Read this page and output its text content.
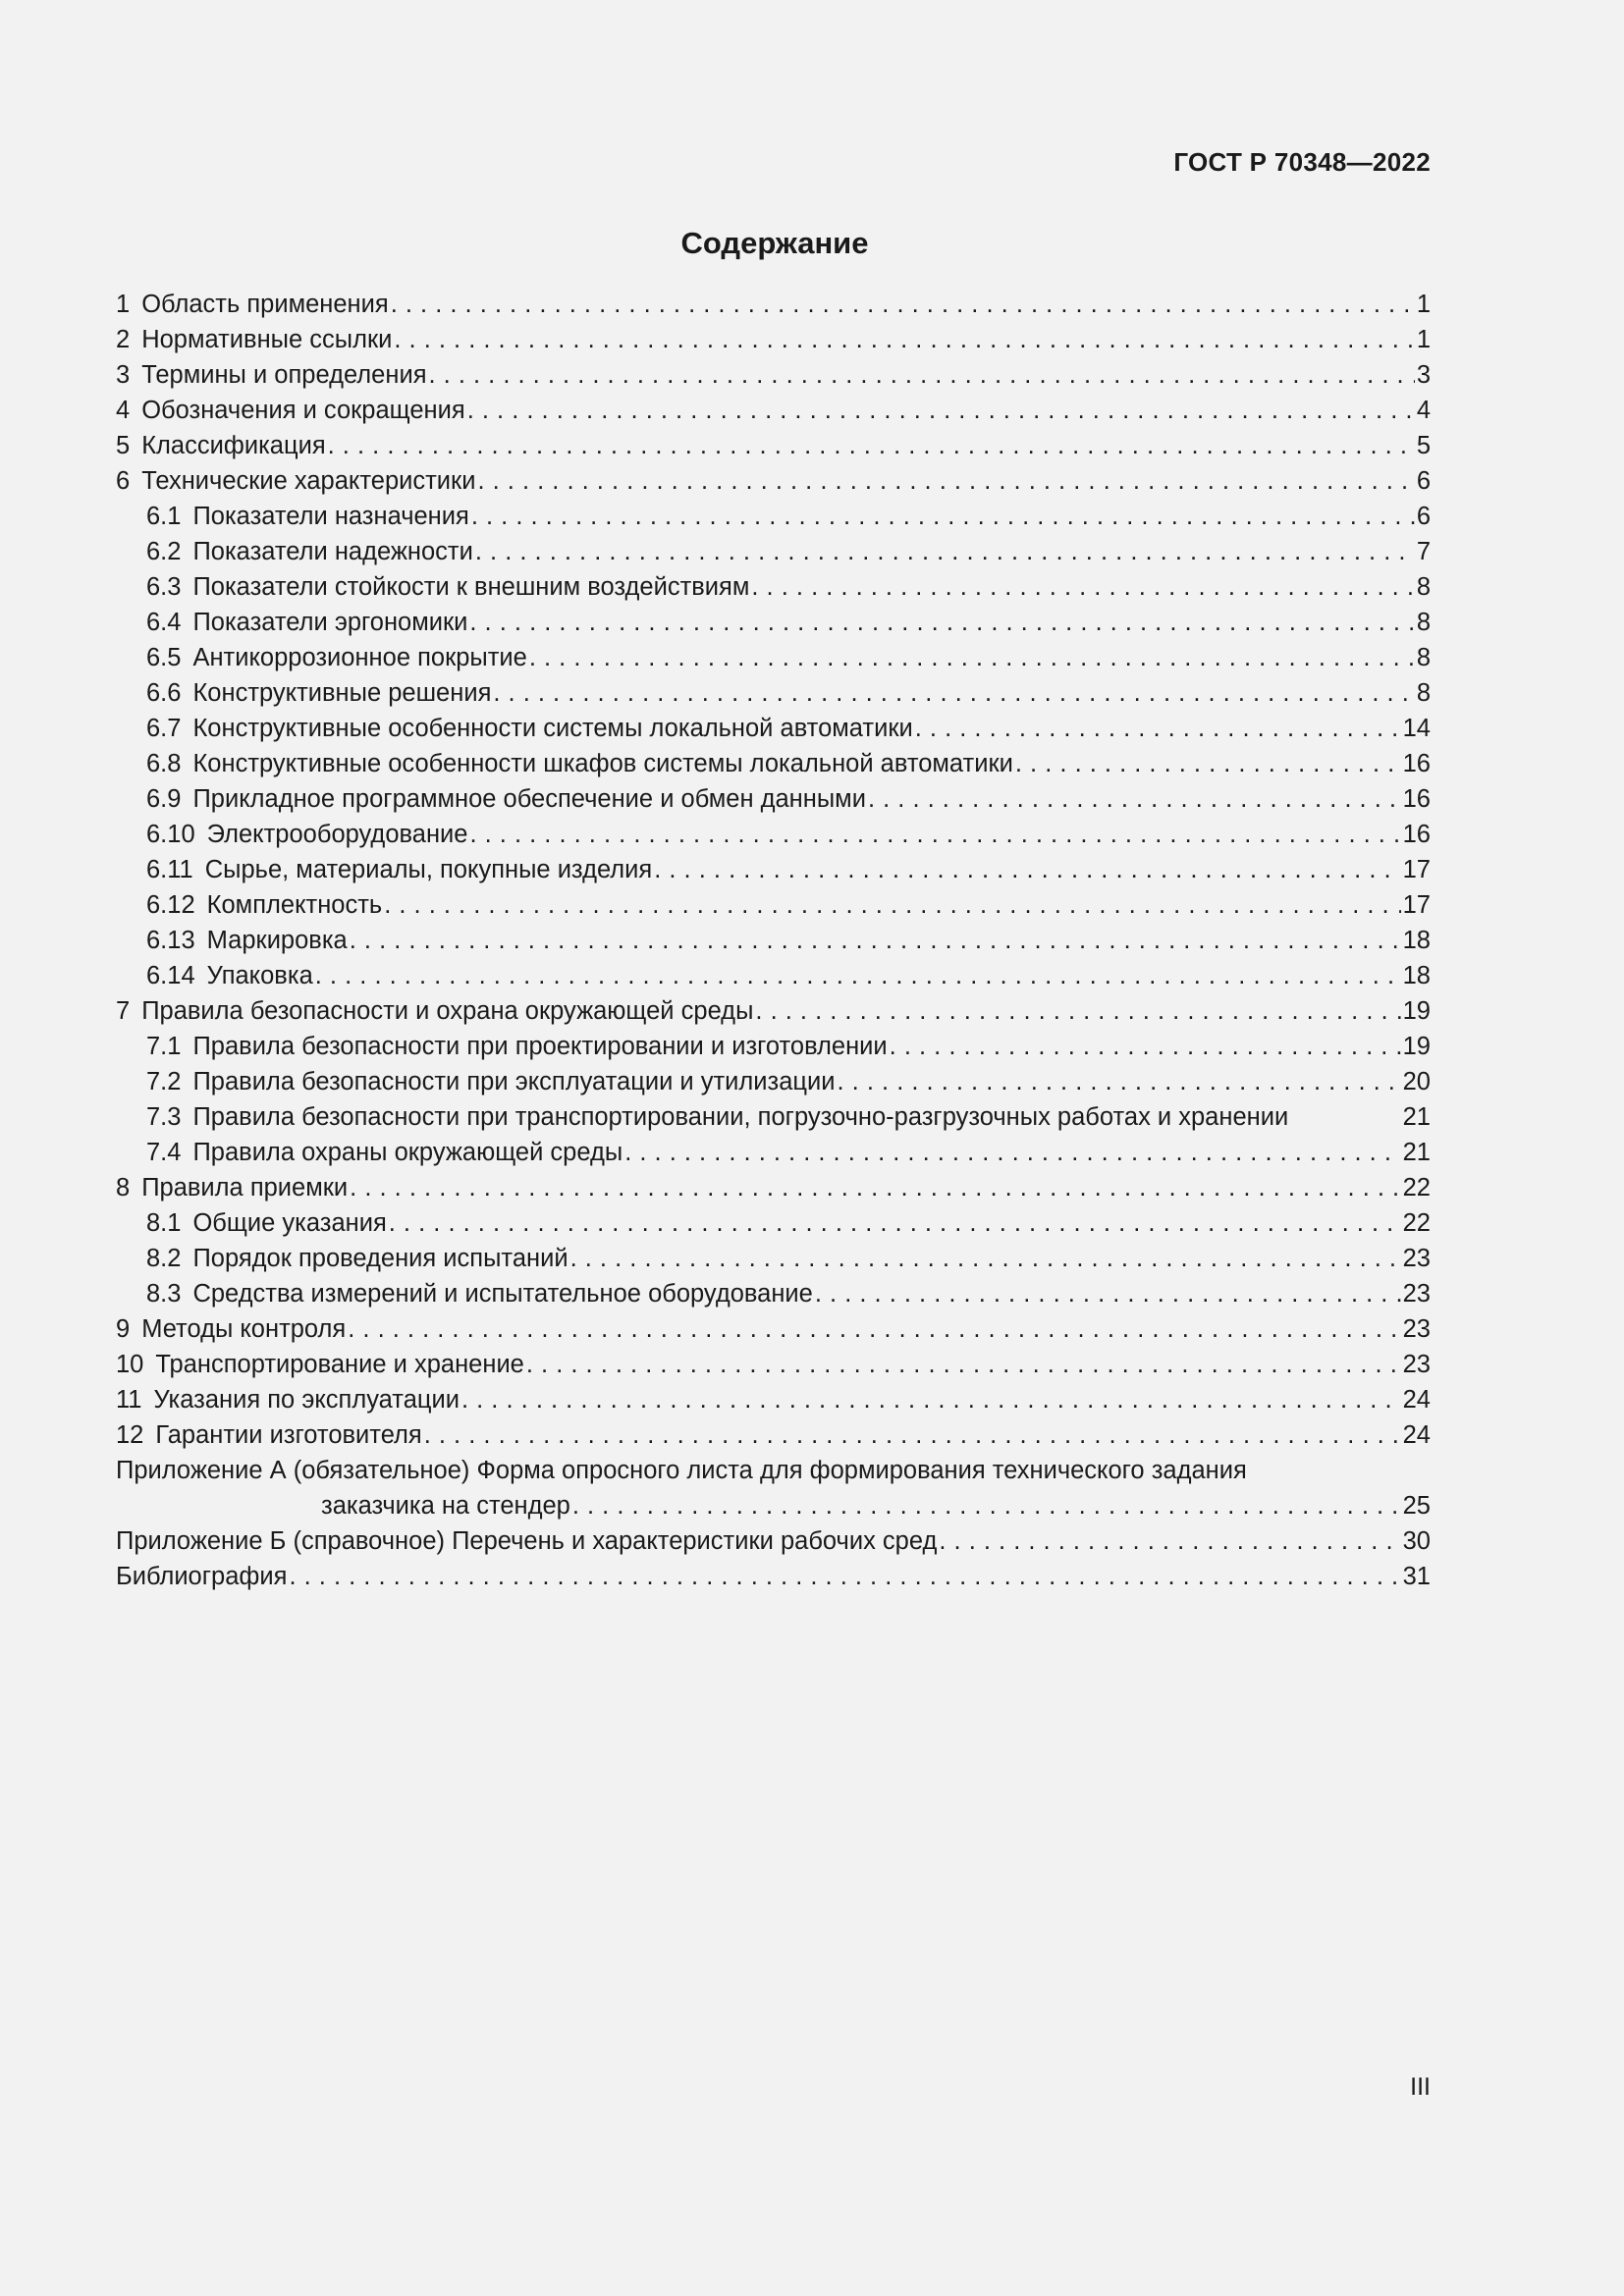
ГОСТ Р 70348—2022
Содержание
1 Область применения . . .	1
2 Нормативные ссылки . . .	1
3 Термины и определения . . .	3
4 Обозначения и сокращения . . .	4
5 Классификация . . .	5
6 Технические характеристики . . .	6
6.1 Показатели назначения . . .	6
6.2 Показатели надежности . . .	7
6.3 Показатели стойкости к внешним воздействиям . . .	8
6.4 Показатели эргономики . . .	8
6.5 Антикоррозионное покрытие . . .	8
6.6 Конструктивные решения . . .	8
6.7 Конструктивные особенности системы локальной автоматики . . .	14
6.8 Конструктивные особенности шкафов системы локальной автоматики . . .	16
6.9 Прикладное программное обеспечение и обмен данными . . .	16
6.10 Электрооборудование . . .	16
6.11 Сырье, материалы, покупные изделия . . .	17
6.12 Комплектность . . .	17
6.13 Маркировка . . .	18
6.14 Упаковка . . .	18
7 Правила безопасности и охрана окружающей среды . . .	19
7.1 Правила безопасности при проектировании и изготовлении . . .	19
7.2 Правила безопасности при эксплуатации и утилизации . . .	20
7.3 Правила безопасности при транспортировании, погрузочно-разгрузочных работах и хранении	21
7.4 Правила охраны окружающей среды . . .	21
8 Правила приемки . . .	22
8.1 Общие указания . . .	22
8.2 Порядок проведения испытаний . . .	23
8.3 Средства измерений и испытательное оборудование . . .	23
9 Методы контроля . . .	23
10 Транспортирование и хранение . . .	23
11 Указания по эксплуатации . . .	24
12 Гарантии изготовителя . . .	24
Приложение А (обязательное) Форма опросного листа для формирования технического задания
заказчика на стендер . . .	25
Приложение Б (справочное) Перечень и характеристики рабочих сред . . .	30
Библиография . . .	31
III
